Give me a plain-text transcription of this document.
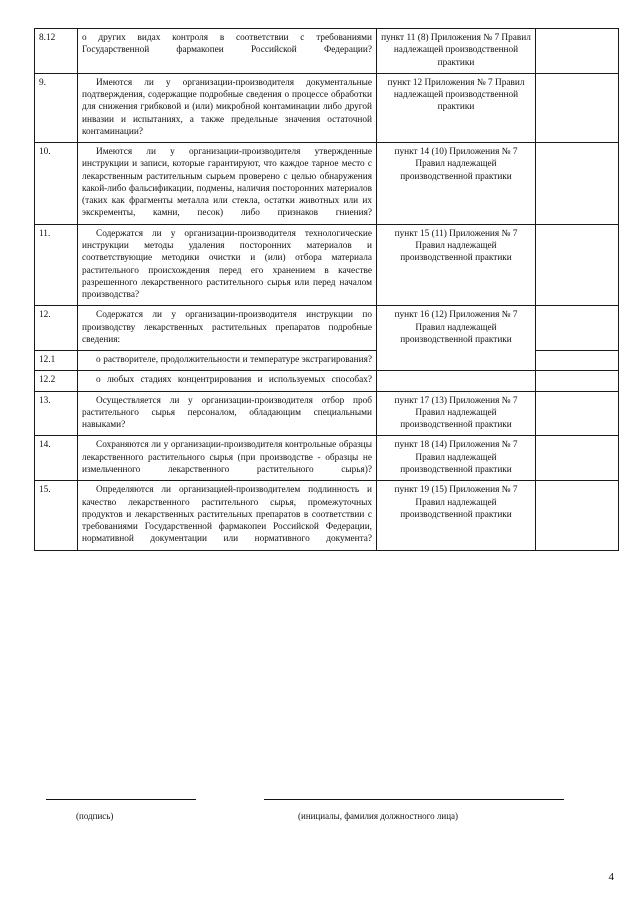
8.12	о других видах контроля в соответствии с требованиями Государственной фармакопеи Российской Федерации?	пункт 11 (8) Приложения № 7 Правил надлежащей производственной практики	
9.	Имеются ли у организации-производителя документальные подтверждения, содержащие подробные сведения о процессе обработки для снижения грибковой и (или) микробной контаминации либо другой инвазии и испытаниях, а также предельные значения остаточной контаминации?	пункт 12 Приложения № 7 Правил надлежащей производственной практики	
10.	Имеются ли у организации-производителя утвержденные инструкции и записи, которые гарантируют, что каждое тарное место с лекарственным растительным сырьем проверено с целью обнаружения какой-либо фальсификации, подмены, наличия посторонних материалов (таких как фрагменты металла или стекла, остатки животных или их экскременты, камни, песок) либо признаков гниения?	пункт 14 (10) Приложения № 7 Правил надлежащей производственной практики	
11.	Содержатся ли у организации-производителя технологические инструкции методы удаления посторонних материалов и соответствующие методики очистки и (или) отбора материала растительного происхождения перед его хранением в качестве разрешенного лекарственного растительного сырья или перед началом производства?	пункт 15 (11) Приложения № 7 Правил надлежащей производственной практики	
12.	Содержатся ли у организации-производителя инструкции по производству лекарственных растительных препаратов подробные сведения:	пункт 16 (12) Приложения № 7 Правил надлежащей производственной практики	
12.1	о растворителе, продолжительности и температуре экстрагирования?		

12.2	о любых стадиях концентрирования и используемых способах?		

13.	Осуществляется ли у организации-производителя отбор проб растительного сырья персоналом, обладающим специальными навыками?	пункт 17 (13) Приложения № 7 Правил надлежащей производственной практики	
14.	Сохраняются ли у организации-производителя контрольные образцы лекарственного растительного сырья (при производстве - образцы не измельченного лекарственного растительного сырья)?	пункт 18 (14) Приложения № 7 Правил надлежащей производственной практики	
15.	Определяются ли организацией-производителем подлинность и качество лекарственного растительного сырья, промежуточных продуктов и лекарственных растительных препаратов в соответствии с требованиями Государственной фармакопеи Российской Федерации, нормативной документации или нормативного документа?	пункт 19 (15) Приложения № 7 Правил надлежащей производственной практики	
(подпись)	(инициалы, фамилия должностного лица)
4
